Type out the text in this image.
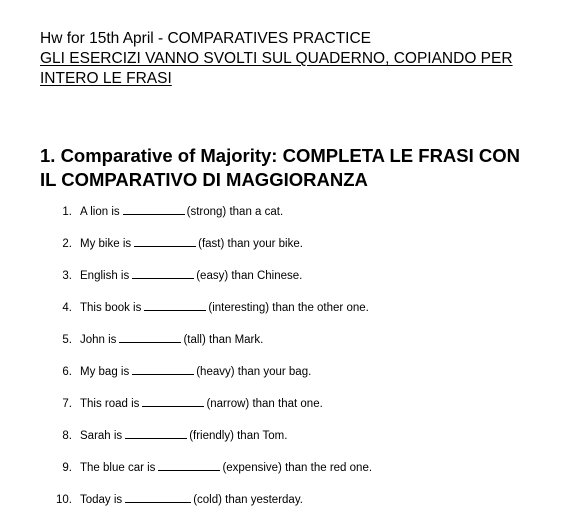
Hw for 15th April - COMPARATIVES PRACTICE
GLI ESERCIZI VANNO SVOLTI SUL QUADERNO, COPIANDO PER
INTERO LE FRASI
1. Comparative of Majority: COMPLETA LE FRASI CON
IL COMPARATIVO DI MAGGIORANZA
1. A lion is	(strong) than a cat.
2. My bike is	(fast) than your bike.
3. English is	(easy) than Chinese.
4. This book is	(interesting) than the other one.
5. John is	(tall) than Mark.
6. My bag is	(heavy) than your bag.
7. This road is	(narrow) than that one.
8. Sarah is	(friendly) than Tom.
9. The blue car is	(expensive) than the red one.
10. Today is	(cold) than yesterday.
